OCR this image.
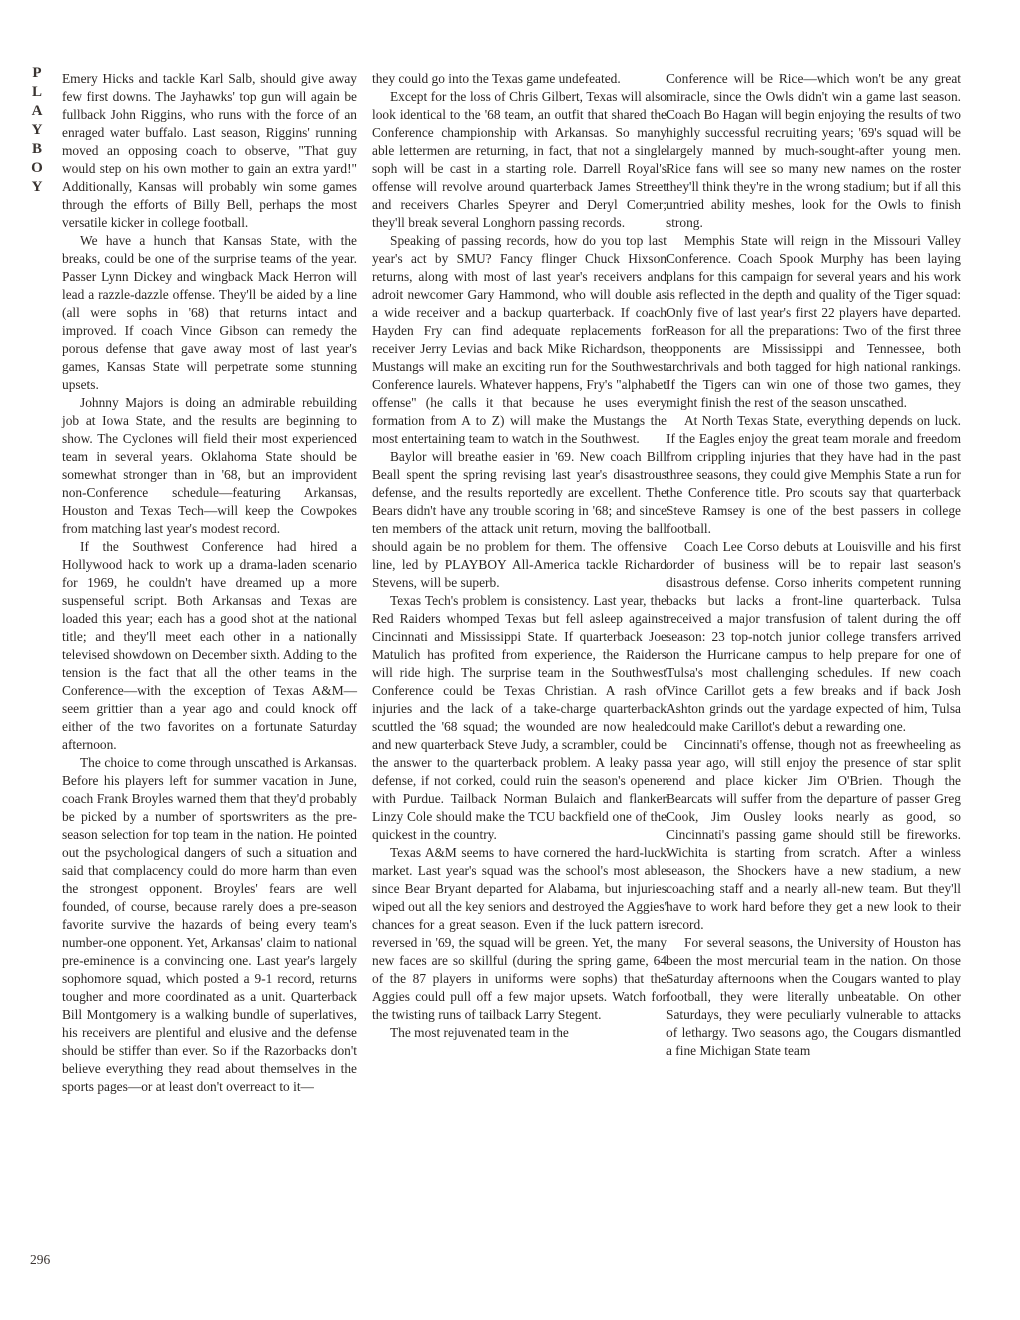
P
L
A
Y
B
O
Y
296

Emery Hicks and tackle Karl Salb, should give away few first downs. The Jayhawks' top gun will again be fullback John Riggins, who runs with the force of an enraged water buffalo. Last season, Riggins' running moved an opposing coach to observe, "That guy would step on his own mother to gain an extra yard!" Additionally, Kansas will probably win some games through the efforts of Billy Bell, perhaps the most versatile kicker in college football.

We have a hunch that Kansas State, with the breaks, could be one of the surprise teams of the year. Passer Lynn Dickey and wingback Mack Herron will lead a razzle-dazzle offense. They'll be aided by a line (all were sophs in '68) that returns intact and improved. If coach Vince Gibson can remedy the porous defense that gave away most of last year's games, Kansas State will perpetrate some stunning upsets.

Johnny Majors is doing an admirable rebuilding job at Iowa State, and the results are beginning to show. The Cyclones will field their most experienced team in several years. Oklahoma State should be somewhat stronger than in '68, but an improvident non-Conference schedule—featuring Arkansas, Houston and Texas Tech—will keep the Cowpokes from matching last year's modest record.

If the Southwest Conference had hired a Hollywood hack to work up a drama-laden scenario for 1969, he couldn't have dreamed up a more suspenseful script. Both Arkansas and Texas are loaded this year; each has a good shot at the national title; and they'll meet each other in a nationally televised showdown on December sixth. Adding to the tension is the fact that all the other teams in the Conference—with the exception of Texas A&M—seem grittier than a year ago and could knock off either of the two favorites on a fortunate Saturday afternoon.

The choice to come through unscathed is Arkansas. Before his players left for summer vacation in June, coach Frank Broyles warned them that they'd probably be picked by a number of sportswriters as the pre-season selection for top team in the nation. He pointed out the psychological dangers of such a situation and said that complacency could do more harm than even the strongest opponent. Broyles' fears are well founded, of course, because rarely does a pre-season favorite survive the hazards of being every team's number-one opponent. Yet, Arkansas' claim to national pre-eminence is a convincing one. Last year's largely sophomore squad, which posted a 9-1 record, returns tougher and more coordinated as a unit. Quarterback Bill Montgomery is a walking bundle of superlatives, his receivers are plentiful and elusive and the defense should be stiffer than ever. So if the Razorbacks don't believe everything they read about themselves in the sports pages—or at least don't overreact to it—

they could go into the Texas game undefeated.

Except for the loss of Chris Gilbert, Texas will also look identical to the '68 team, an outfit that shared the Conference championship with Arkansas. So many able lettermen are returning, in fact, that not a single soph will be cast in a starting role. Darrell Royal's offense will revolve around quarterback James Street and receivers Charles Speyrer and Deryl Comer; they'll break several Longhorn passing records.

Speaking of passing records, how do you top last year's act by SMU? Fancy flinger Chuck Hixson returns, along with most of last year's receivers and adroit newcomer Gary Hammond, who will double as a wide receiver and a backup quarterback. If coach Hayden Fry can find adequate replacements for receiver Jerry Levias and back Mike Richardson, the Mustangs will make an exciting run for the Southwest Conference laurels. Whatever happens, Fry's "alphabet offense" (he calls it that because he uses every formation from A to Z) will make the Mustangs the most entertaining team to watch in the Southwest.

Baylor will breathe easier in '69. New coach Bill Beall spent the spring revising last year's disastrous defense, and the results reportedly are excellent. The Bears didn't have any trouble scoring in '68; and since ten members of the attack unit return, moving the ball should again be no problem for them. The offensive line, led by PLAYBOY All-America tackle Richard Stevens, will be superb.

Texas Tech's problem is consistency. Last year, the Red Raiders whomped Texas but fell asleep against Cincinnati and Mississippi State. If quarterback Joe Matulich has profited from experience, the Raiders will ride high. The surprise team in the Southwest Conference could be Texas Christian. A rash of injuries and the lack of a take-charge quarterback scuttled the '68 squad; the wounded are now healed and new quarterback Steve Judy, a scrambler, could be the answer to the quarterback problem. A leaky pass defense, if not corked, could ruin the season's opener with Purdue. Tailback Norman Bulaich and flanker Linzy Cole should make the TCU backfield one of the quickest in the country.

Texas A&M seems to have cornered the hard-luck market. Last year's squad was the school's most able since Bear Bryant departed for Alabama, but injuries wiped out all the key seniors and destroyed the Aggies' chances for a great season. Even if the luck pattern is reversed in '69, the squad will be green. Yet, the many new faces are so skillful (during the spring game, 64 of the 87 players in uniforms were sophs) that the Aggies could pull off a few major upsets. Watch for the twisting runs of tailback Larry Stegent.

The most rejuvenated team in the

Conference will be Rice—which won't be any great miracle, since the Owls didn't win a game last season. Coach Bo Hagan will begin enjoying the results of two highly successful recruiting years; '69's squad will be largely manned by much-sought-after young men. Rice fans will see so many new names on the roster they'll think they're in the wrong stadium; but if all this untried ability meshes, look for the Owls to finish strong.

Memphis State will reign in the Missouri Valley Conference. Coach Spook Murphy has been laying plans for this campaign for several years and his work is reflected in the depth and quality of the Tiger squad: Only five of last year's first 22 players have departed. Reason for all the preparations: Two of the first three opponents are Mississippi and Tennessee, both archrivals and both tagged for high national rankings. If the Tigers can win one of those two games, they might finish the rest of the season unscathed.

At North Texas State, everything depends on luck. If the Eagles enjoy the great team morale and freedom from crippling injuries that they have had in the past three seasons, they could give Memphis State a run for the Conference title. Pro scouts say that quarterback Steve Ramsey is one of the best passers in college football.

Coach Lee Corso debuts at Louisville and his first order of business will be to repair last season's disastrous defense. Corso inherits competent running backs but lacks a front-line quarterback. Tulsa received a major transfusion of talent during the off season: 23 top-notch junior college transfers arrived on the Hurricane campus to help prepare for one of Tulsa's most challenging schedules. If new coach Vince Carillot gets a few breaks and if back Josh Ashton grinds out the yardage expected of him, Tulsa could make Carillot's debut a rewarding one.

Cincinnati's offense, though not as freewheeling as a year ago, will still enjoy the presence of star split end and place kicker Jim O'Brien. Though the Bearcats will suffer from the departure of passer Greg Cook, Jim Ousley looks nearly as good, so Cincinnati's passing game should still be fireworks. Wichita is starting from scratch. After a winless season, the Shockers have a new stadium, a new coaching staff and a nearly all-new team. But they'll have to work hard before they get a new look to their record.

For several seasons, the University of Houston has been the most mercurial team in the nation. On those Saturday afternoons when the Cougars wanted to play football, they were literally unbeatable. On other Saturdays, they were peculiarly vulnerable to attacks of lethargy. Two seasons ago, the Cougars dismantled a fine Michigan State team
